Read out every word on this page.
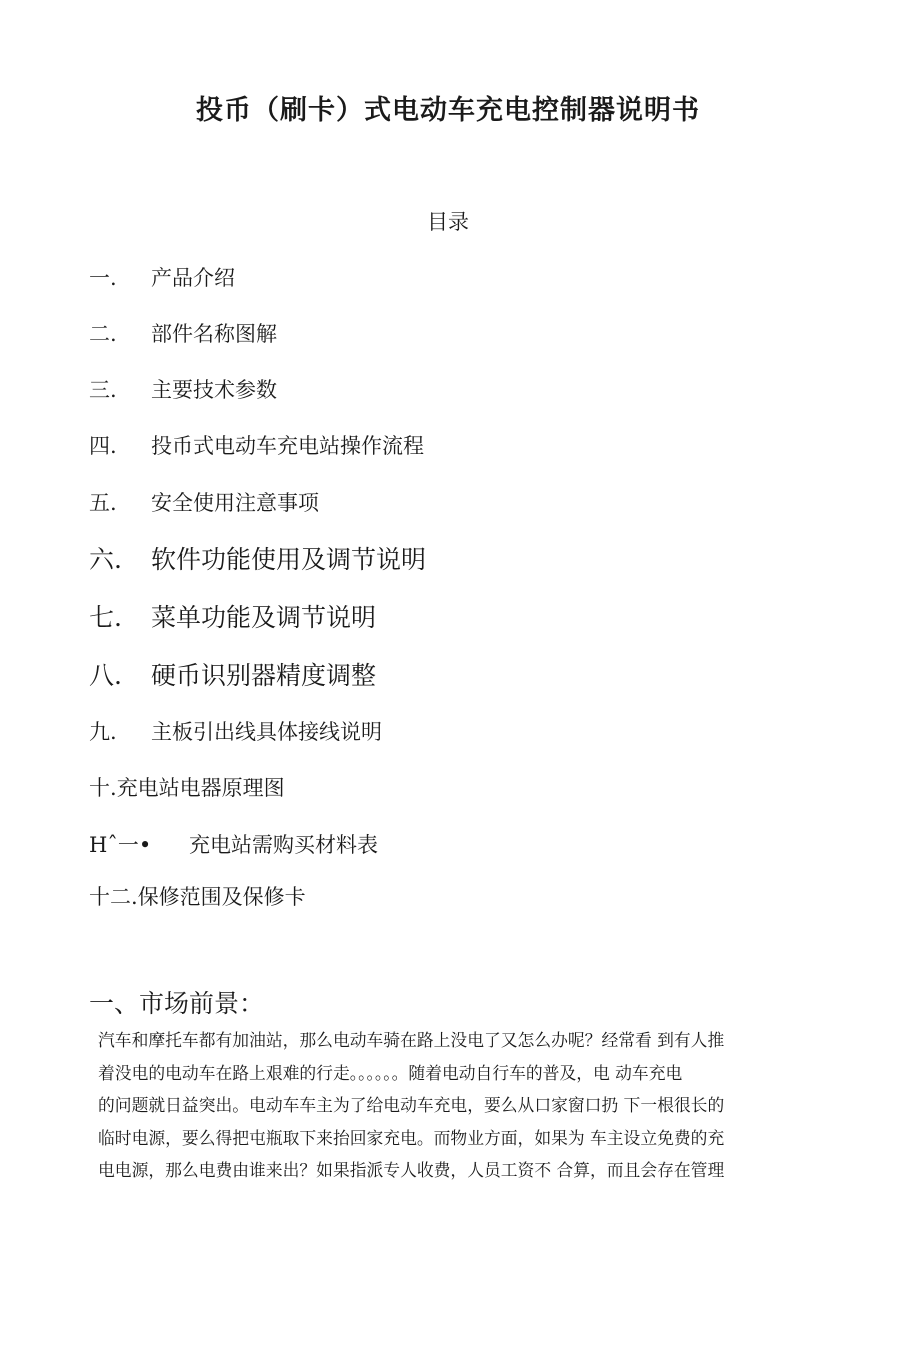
投币（刷卡）式电动车充电控制器说明书
目录
一. 产品介绍
二. 部件名称图解
三. 主要技术参数
四. 投币式电动车充电站操作流程
五. 安全使用注意事项
六. 软件功能使用及调节说明
七. 菜单功能及调节说明
八. 硬币识别器精度调整
九. 主板引出线具体接线说明
十.充电站电器原理图
Hˆ一• 充电站需购买材料表
十二.保修范围及保修卡
一、市场前景：

汽车和摩托车都有加油站，那么电动车骑在路上没电了又怎么办呢？经常看 到有人推
着没电的电动车在路上艰难的行走。。。。。。随着电动自行车的普及，电 动车充电
的问题就日益突出。电动车车主为了给电动车充电，要么从口家窗口扔 下一根很长的
临时电源，要么得把屯瓶取下来抬回家充电。而物业方面，如果为 车主设立免费的充
电电源，那么电费由谁来出？如果指派专人收费，人员工资不 合算，而且会存在管理
